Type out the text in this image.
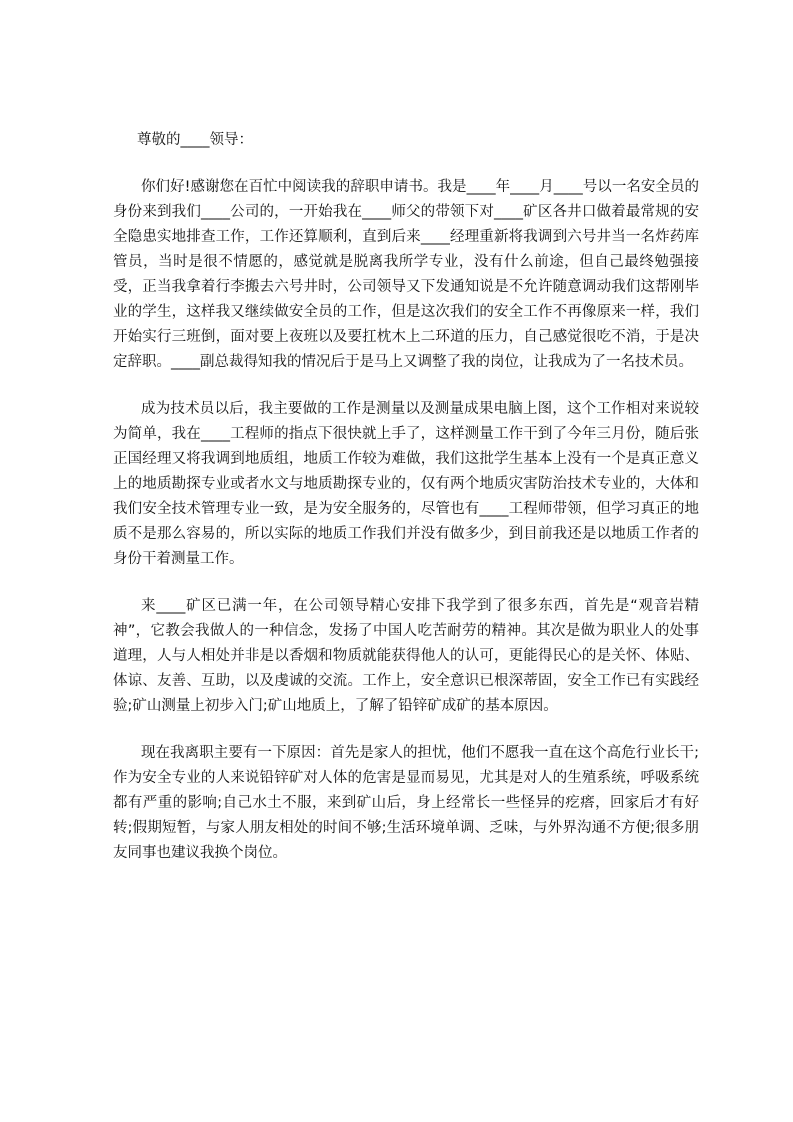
尊敬的____领导：

你们好!感谢您在百忙中阅读我的辞职申请书。我是____年____月____号以一名安全员的身份来到我们____公司的，一开始我在____师父的带领下对____矿区各井口做着最常规的安全隐患实地排查工作，工作还算顺利，直到后来____经理重新将我调到六号井当一名炸药库管员，当时是很不情愿的，感觉就是脱离我所学专业，没有什么前途，但自己最终勉强接受，正当我拿着行李搬去六号井时，公司领导又下发通知说是不允许随意调动我们这帮刚毕业的学生，这样我又继续做安全员的工作，但是这次我们的安全工作不再像原来一样，我们开始实行三班倒，面对要上夜班以及要扛枕木上二环道的压力，自己感觉很吃不消，于是决定辞职。____副总裁得知我的情况后于是马上又调整了我的岗位，让我成为了一名技术员。

成为技术员以后，我主要做的工作是测量以及测量成果电脑上图，这个工作相对来说较为简单，我在____工程师的指点下很快就上手了，这样测量工作干到了今年三月份，随后张正国经理又将我调到地质组，地质工作较为难做，我们这批学生基本上没有一个是真正意义上的地质勘探专业或者水文与地质勘探专业的，仅有两个地质灾害防治技术专业的，大体和我们安全技术管理专业一致，是为安全服务的，尽管也有____工程师带领，但学习真正的地质不是那么容易的，所以实际的地质工作我们并没有做多少，到目前我还是以地质工作者的身份干着测量工作。

来____矿区已满一年，在公司领导精心安排下我学到了很多东西，首先是“观音岩精神”，它教会我做人的一种信念，发扬了中国人吃苦耐劳的精神。其次是做为职业人的处事道理，人与人相处并非是以香烟和物质就能获得他人的认可，更能得民心的是关怀、体贴、体谅、友善、互助，以及虔诚的交流。工作上，安全意识已根深蒂固，安全工作已有实践经验;矿山测量上初步入门;矿山地质上，了解了铅锌矿成矿的基本原因。

现在我离职主要有一下原因：首先是家人的担忧，他们不愿我一直在这个高危行业长干;作为安全专业的人来说铅锌矿对人体的危害是显而易见，尤其是对人的生殖系统，呼吸系统都有严重的影响;自己水土不服，来到矿山后，身上经常长一些怪异的疙瘩，回家后才有好转;假期短暂，与家人朋友相处的时间不够;生活环境单调、乏味，与外界沟通不方便;很多朋友同事也建议我换个岗位。
